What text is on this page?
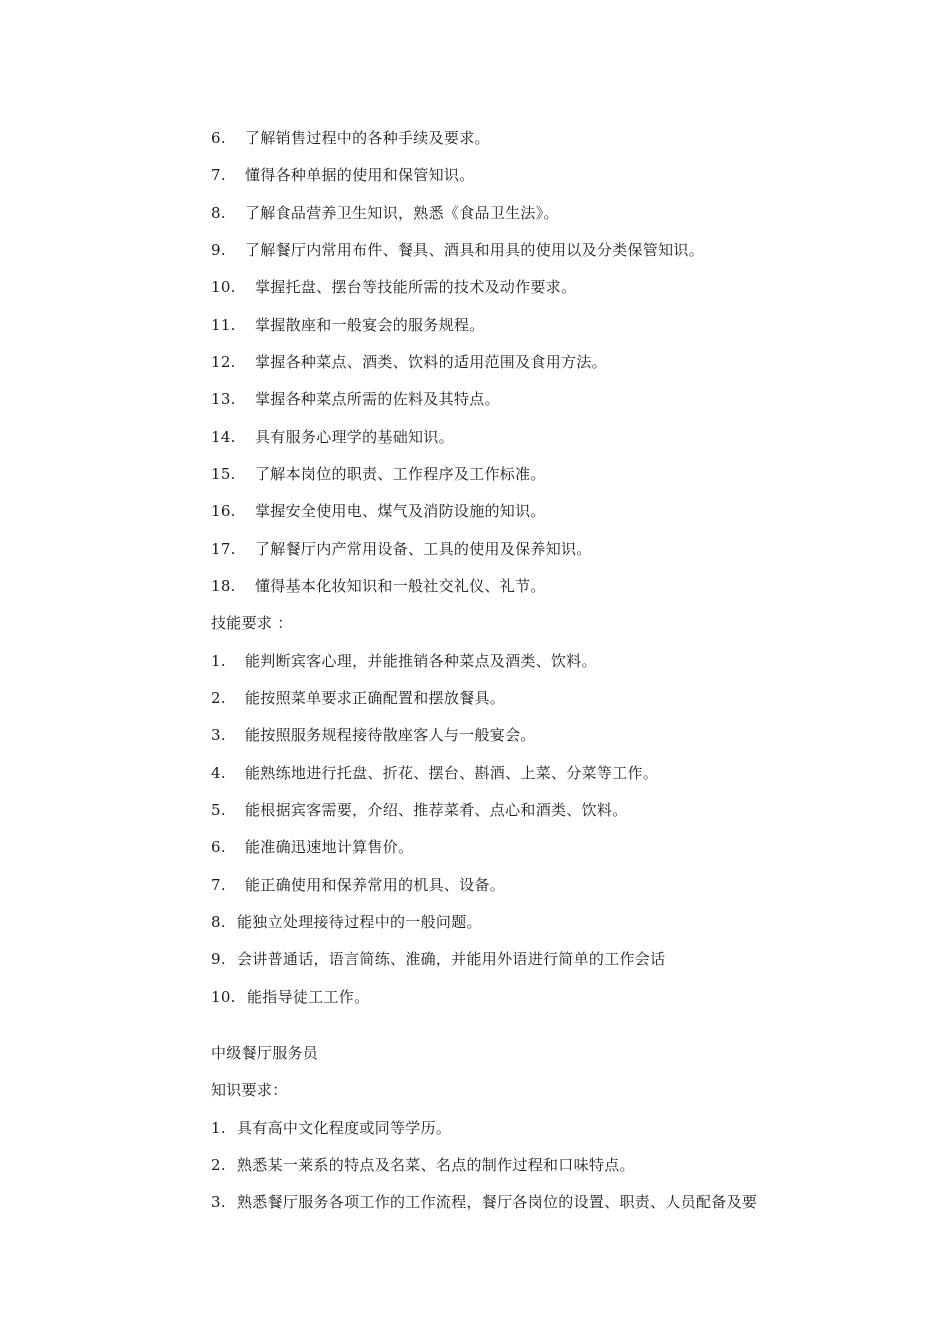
6. 了解销售过程中的各种手续及要求。
7. 懂得各种单据的使用和保管知识。
8. 了解食品营养卫生知识，熟悉《食品卫生法》。
9. 了解餐厅内常用布件、餐具、酒具和用具的使用以及分类保管知识。
10. 掌握托盘、摆台等技能所需的技术及动作要求。
11. 掌握散座和一般宴会的服务规程。
12. 掌握各种菜点、酒类、饮料的适用范围及食用方法。
13. 掌握各种菜点所需的佐料及其特点。
14. 具有服务心理学的基础知识。
15. 了解本岗位的职责、工作程序及工作标准。
16. 掌握安全使用电、煤气及消防设施的知识。
17. 了解餐厅内产常用设备、工具的使用及保养知识。
18. 懂得基本化妆知识和一般社交礼仪、礼节。
技能要求 ：
1. 能判断宾客心理，并能推销各种菜点及酒类、饮料。
2. 能按照菜单要求正确配置和摆放餐具。
3. 能按照服务规程接待散座客人与一般宴会。
4. 能熟练地进行托盘、折花、摆台、斟酒、上菜、分菜等工作。
5. 能根据宾客需要，介绍、推荐菜肴、点心和酒类、饮料。
6. 能准确迅速地计算售价。
7. 能正确使用和保养常用的机具、设备。
8. 能独立处理接待过程中的一般问题。
9. 会讲普通话，语言简练、淮确，并能用外语进行简单的工作会话
10. 能指导徒工工作。
中级餐厅服务员
知识要求：
1. 具有高中文化程度或同等学历。
2. 熟悉某一莱系的特点及名菜、名点的制作过程和口味特点。
3. 熟悉餐厅服务各项工作的工作流程，餐厅各岗位的设置、职责、人员配备及要
